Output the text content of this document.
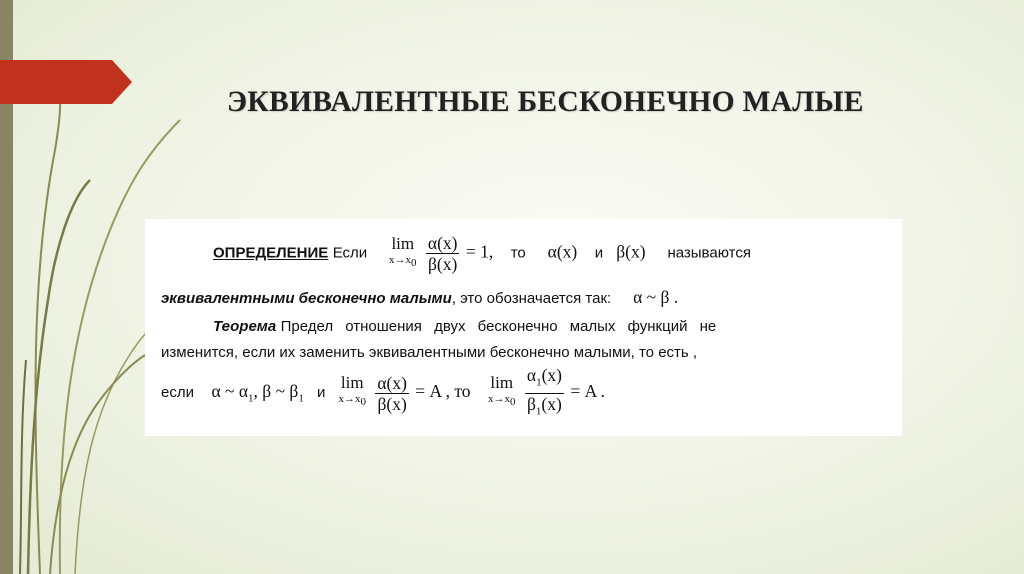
ЭКВИВАЛЕНТНЫЕ БЕСКОНЕЧНО МАЛЫЕ
ОПРЕДЕЛЕНИЕ Если
lim
$x\to x_0$
$\frac{\alpha(x)}{\beta(x)} = 1$, то α(x) и β(x) называются
эквивалентными бесконечно малыми, это обозначается так: α ~ β .
Теорема Предел отношения двух бесконечно малых функций не
изменится, если их заменить эквивалентными бесконечно малыми, то есть ,
если α ~ $\alpha_1$, β ~ $\beta_1$ и
lim
$x\to x_0$
$\frac{\alpha(x)}{\beta(x)} = A$ , то lim
$x\to x_0$
$\frac{\alpha_1(x)}{\beta_1(x)} = A$ .
